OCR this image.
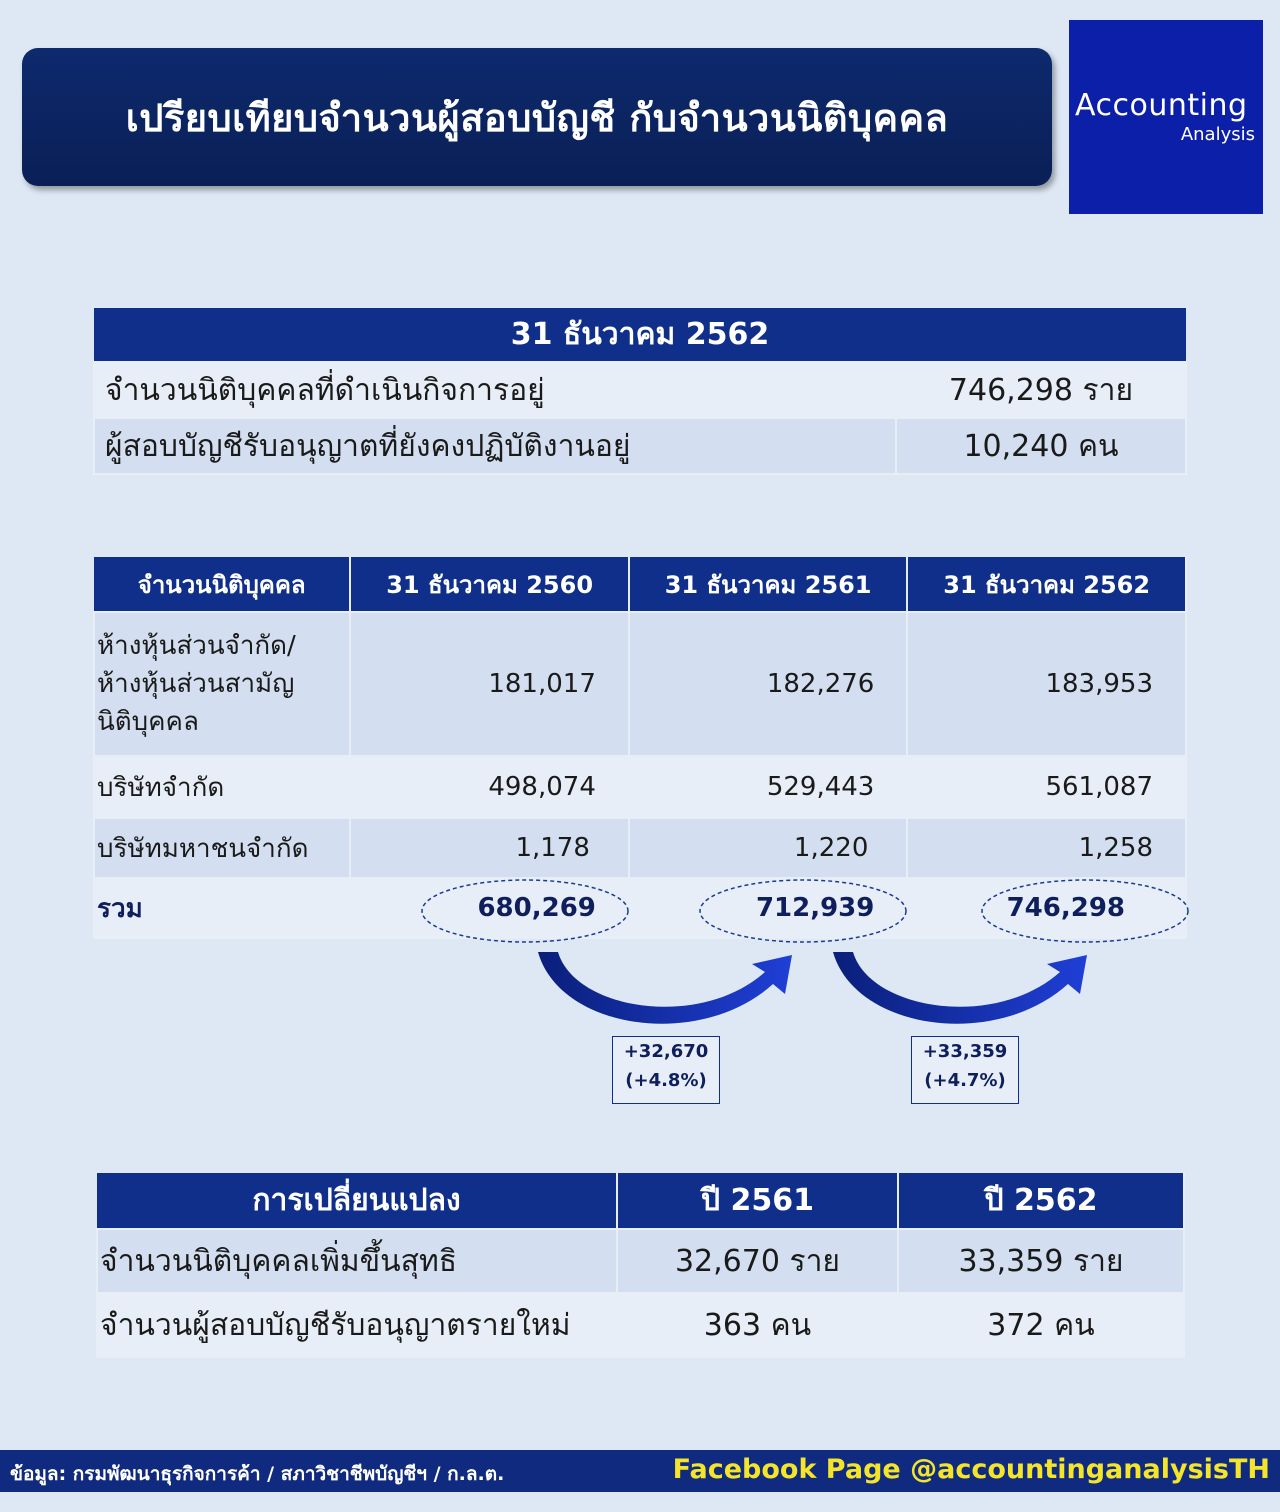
เปรียบเทียบจำนวนผู้สอบบัญชี กับจำนวนนิติบุคคล	Accounting
Analysis
31 ธันวาคม 2562	
จำนวนนิติบุคคลที่ดำเนินกิจการอยู่	746,298 ราย
ผู้สอบบัญชีรับอนุญาตที่ยังคงปฏิบัติงานอยู่	10,240 คน
จำนวนนิติบุคคล	31 ธันวาคม 2560	31 ธันวาคม 2561	31 ธันวาคม 2562

ห้างหุ้นส่วนจำกัด/
ห้างหุ้นส่วนสามัญ
นิติบุคคล	181,017	182,276	183,953
บริษัทจำกัด	498,074	529,443	561,087
บริษัทมหาชนจำกัด	1,178	1,220	1,258
รวม	680,269	712,939	746,298
+32,670
(+4.8%)
+33,359
(+4.7%)
การเปลี่ยนแปลง	ปี 2561	ปี 2562
จำนวนนิติบุคคลเพิ่มขึ้นสุทธิ	32,670 ราย	33,359 ราย
จำนวนผู้สอบบัญชีรับอนุญาตรายใหม่	363 คน	372 คน
ข้อมูล: กรมพัฒนาธุรกิจการค้า / สภาวิชาชีพบัญชีฯ / ก.ล.ต.	Facebook Page @accountinganalysisTH
